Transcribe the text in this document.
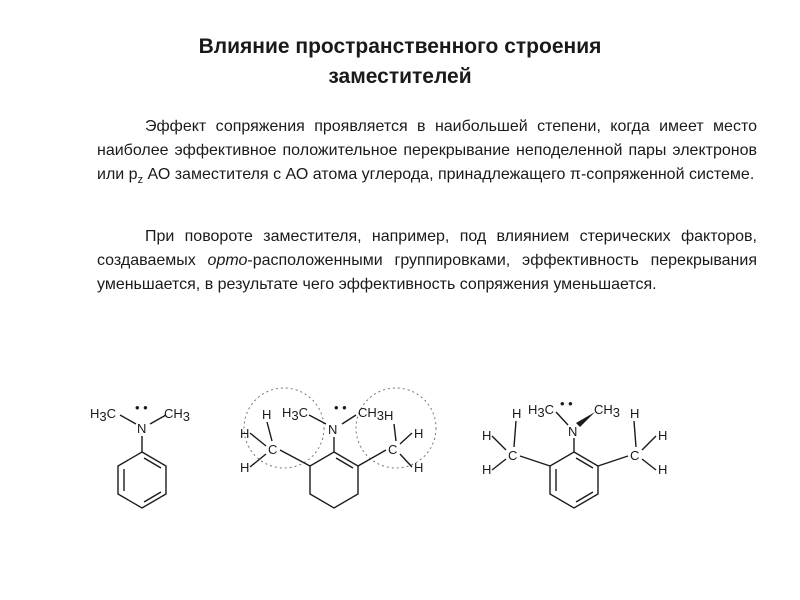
Влияние пространственного строения
заместителей

Эффект сопряжения проявляется в наибольшей степени, когда имеет место наиболее эффективное положительное перекрывание неподеленной пары электронов или $p_z$ АО заместителя с АО атома углерода, принадлежащего π-сопряженной системе.

При повороте заместителя, например, под влиянием стерических факторов, создаваемых орто-расположенными группировками, эффективность перекрывания уменьшается, в результате чего эффективность сопряжения уменьшается.

• •
H3C	CH3
N
• •
H3C	CH3
N
H
H
H
H
H
H
C	C
• •
H3C	CH3
N
H
H
H
H
H
H
C	C
